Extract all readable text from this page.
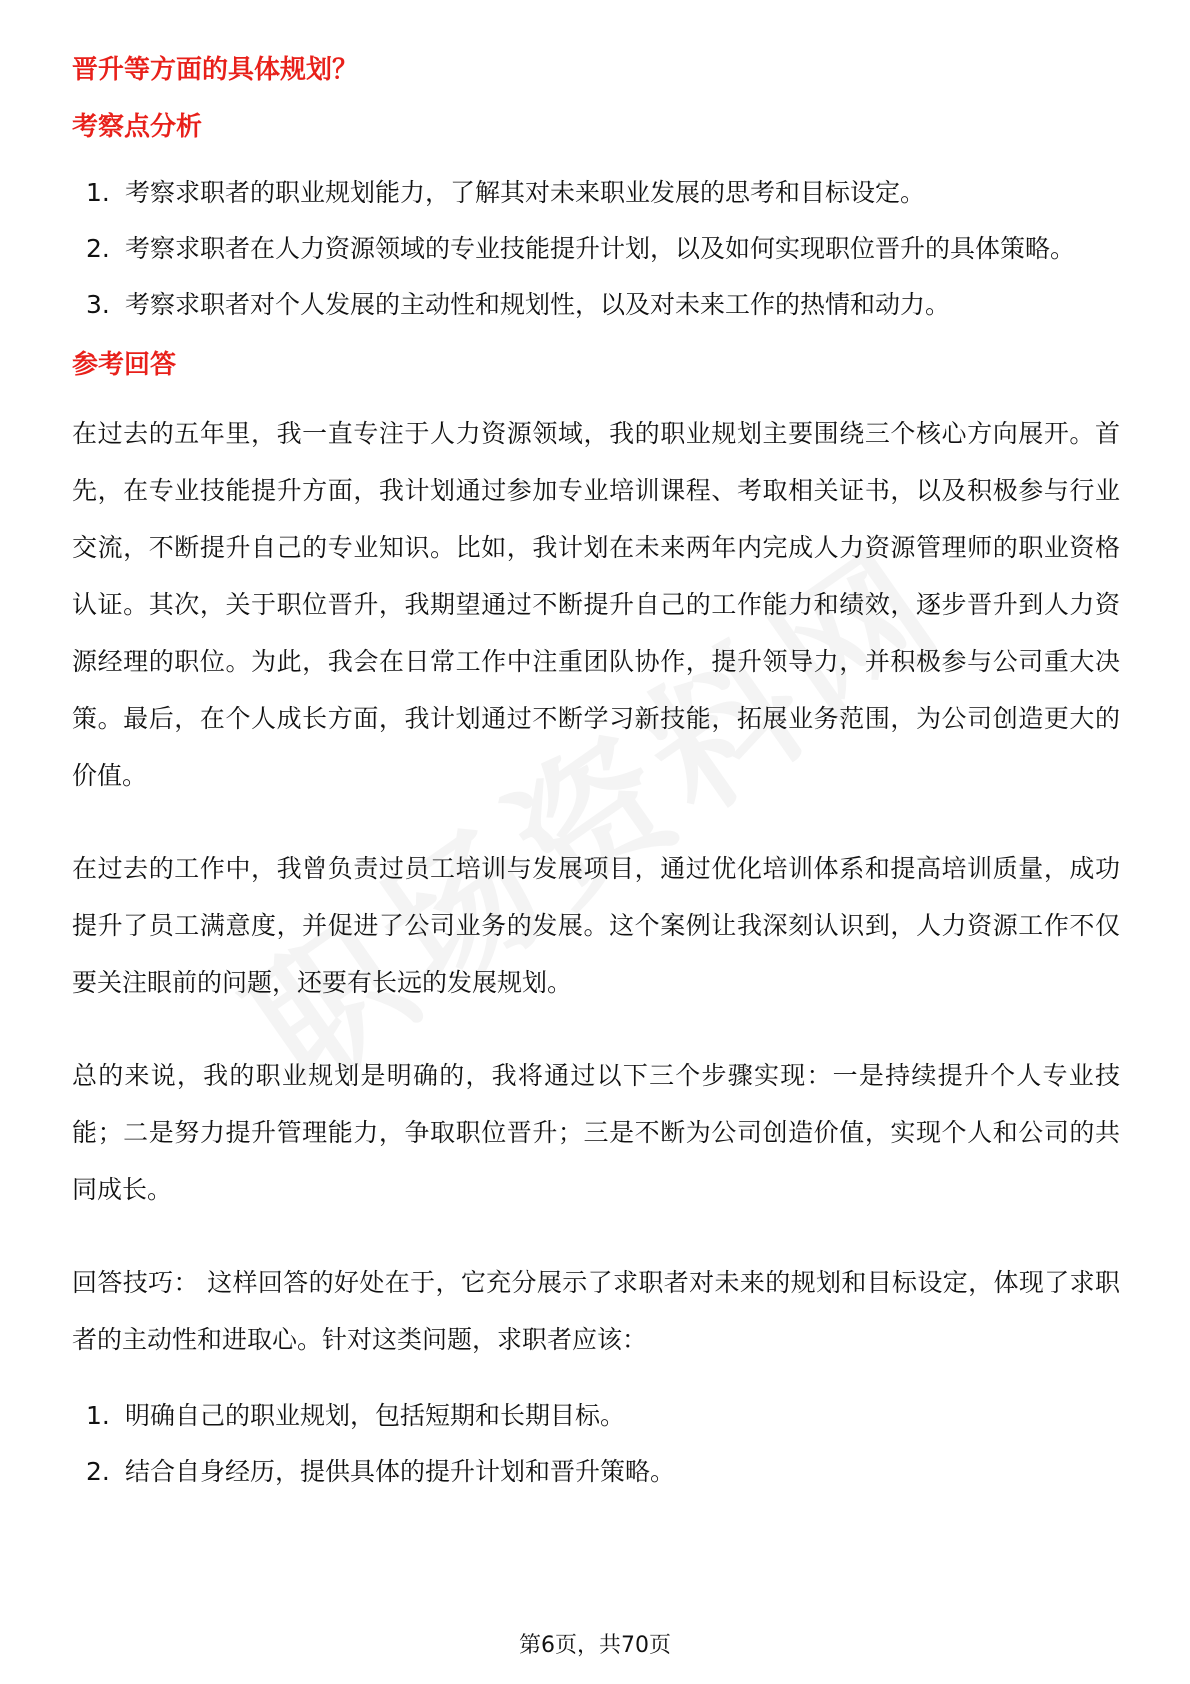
晋升等方面的具体规划？
考察点分析
1. 考察求职者的职业规划能力，了解其对未来职业发展的思考和目标设定。
2. 考察求职者在人力资源领域的专业技能提升计划，以及如何实现职位晋升的具体策略。
3. 考察求职者对个人发展的主动性和规划性，以及对未来工作的热情和动力。
参考回答

在过去的五年里，我一直专注于人力资源领域，我的职业规划主要围绕三个核心方向展开。首先，在专业技能提升方面，我计划通过参加专业培训课程、考取相关证书，以及积极参与行业交流，不断提升自己的专业知识。比如，我计划在未来两年内完成人力资源管理师的职业资格认证。其次，关于职位晋升，我期望通过不断提升自己的工作能力和绩效，逐步晋升到人力资源经理的职位。为此，我会在日常工作中注重团队协作，提升领导力，并积极参与公司重大决策。最后，在个人成长方面，我计划通过不断学习新技能，拓展业务范围，为公司创造更大的价值。

在过去的工作中，我曾负责过员工培训与发展项目，通过优化培训体系和提高培训质量，成功提升了员工满意度，并促进了公司业务的发展。这个案例让我深刻认识到，人力资源工作不仅要关注眼前的问题，还要有长远的发展规划。

总的来说，我的职业规划是明确的，我将通过以下三个步骤实现：一是持续提升个人专业技能；二是努力提升管理能力，争取职位晋升；三是不断为公司创造价值，实现个人和公司的共同成长。

回答技巧： 这样回答的好处在于，它充分展示了求职者对未来的规划和目标设定，体现了求职者的主动性和进取心。针对这类问题，求职者应该：

1. 明确自己的职业规划，包括短期和长期目标。
2. 结合自身经历，提供具体的提升计划和晋升策略。
第6页，共70页
